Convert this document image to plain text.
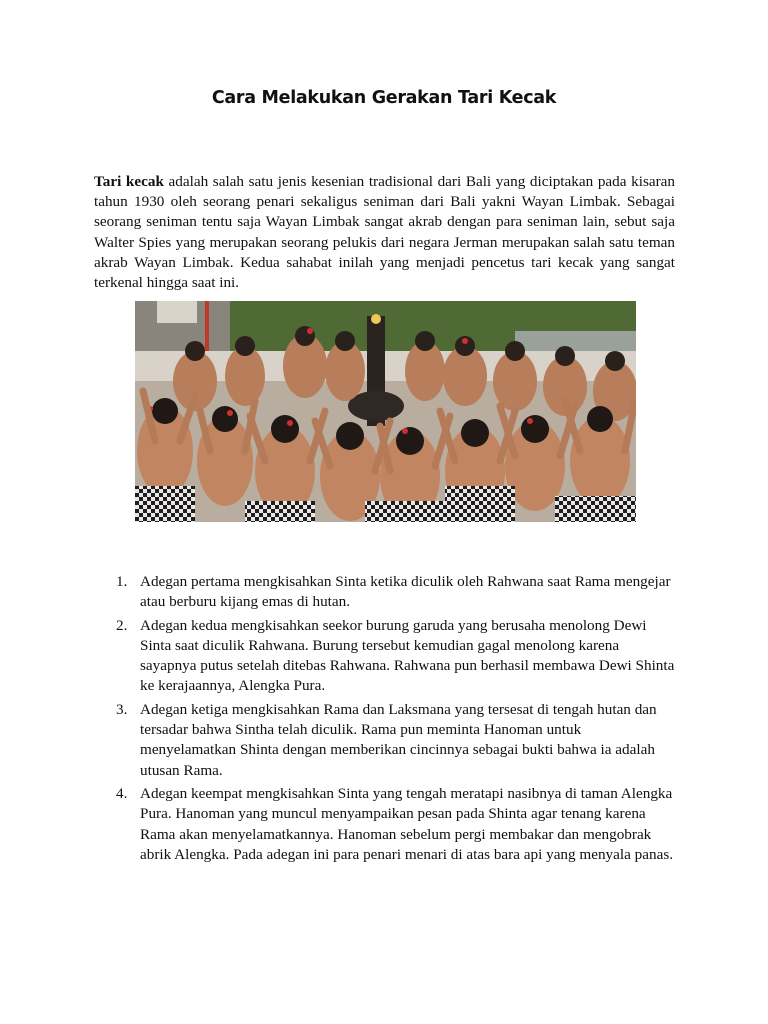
Cara Melakukan Gerakan Tari Kecak

Tari kecak adalah salah satu jenis kesenian tradisional dari Bali yang diciptakan pada kisaran tahun 1930 oleh seorang penari sekaligus seniman dari Bali yakni Wayan Limbak. Sebagai seorang seniman tentu saja Wayan Limbak sangat akrab dengan para seniman lain, sebut saja Walter Spies yang merupakan seorang pelukis dari negara Jerman merupakan salah satu teman akrab Wayan Limbak. Kedua sahabat inilah yang menjadi pencetus tari kecak yang sangat terkenal hingga saat ini.

1. Adegan pertama mengkisahkan Sinta ketika diculik oleh Rahwana saat Rama mengejar atau berburu kijang emas di hutan.
2. Adegan kedua mengkisahkan seekor burung garuda yang berusaha menolong Dewi Sinta saat diculik Rahwana. Burung tersebut kemudian gagal menolong karena sayapnya putus setelah ditebas Rahwana. Rahwana pun berhasil membawa Dewi Shinta ke kerajaannya, Alengka Pura.
3. Adegan ketiga mengkisahkan Rama dan Laksmana yang tersesat di tengah hutan dan tersadar bahwa Sintha telah diculik. Rama pun meminta Hanoman untuk menyelamatkan Shinta dengan memberikan cincinnya sebagai bukti bahwa ia adalah utusan Rama.
4. Adegan keempat mengkisahkan Sinta yang tengah meratapi nasibnya di taman Alengka Pura. Hanoman yang muncul menyampaikan pesan pada Shinta agar tenang karena Rama akan menyelamatkannya. Hanoman sebelum pergi membakar dan mengobrak abrik Alengka. Pada adegan ini para penari menari di atas bara api yang menyala panas.
